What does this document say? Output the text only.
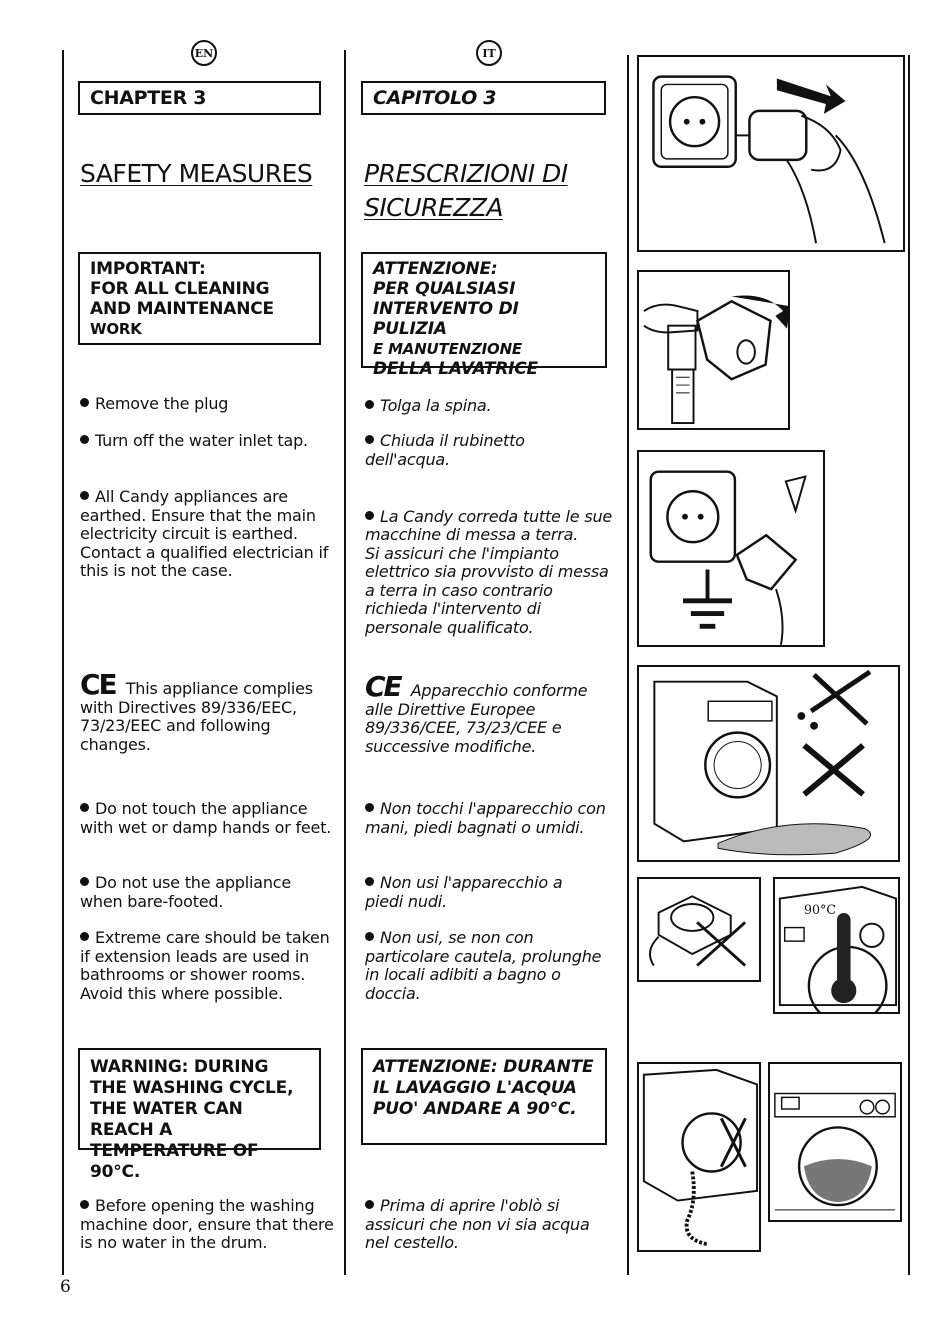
EN	IT
CHAPTER 3	CAPITOLO 3
SAFETY MEASURES PRESCRIZIONI DI
SICUREZZA
IMPORTANT:
FOR ALL CLEANING
AND MAINTENANCE

WORK
ATTENZIONE:
PER QUALSIASI
INTERVENTO DI PULIZIA

E MANUTENZIONE
DELLA LAVATRICE
Remove the plug
Turn off the water inlet tap.
All Candy appliances are earthed. Ensure that the main electricity circuit is earthed. Contact a qualified electrician if this is not the case.
CE This appliance complies with Directives 89/336/EEC, 73/23/EEC and following changes.
Do not touch the appliance with wet or damp hands or feet.
Do not use the appliance when bare-footed.
Extreme care should be taken if extension leads are used in bathrooms or shower rooms. Avoid this where possible.
Tolga la spina.
Chiuda il rubinetto dell'acqua.

La Candy corredа tutte le sue macchine di messa a terra.
Si assicuri che l'impianto elettrico sia provvisto di messa a terra in caso contrario richieda l'intervento di personale qualificato.

CE Apparecchio conforme alle Direttive Europee 89/336/CEE, 73/23/CEE e successive modifiche.
Non tocchi l'apparecchio con mani, piedi bagnati o umidi.
Non usi l'apparecchio a piedi nudi.
Non usi, se non con particolare cautela, prolunghe in locali adibiti a bagno o doccia.
WARNING: DURING THE WASHING CYCLE, THE WATER CAN REACH A TEMPERATURE OF 90°C.
ATTENZIONE: DURANTE IL LAVAGGIO L'ACQUA PUO' ANDARE A 90°C.
Before opening the washing machine door, ensure that there is no water in the drum.
Prima di aprire l'oblò si assicuri che non vi sia acqua nel cestello.
90°C
6
